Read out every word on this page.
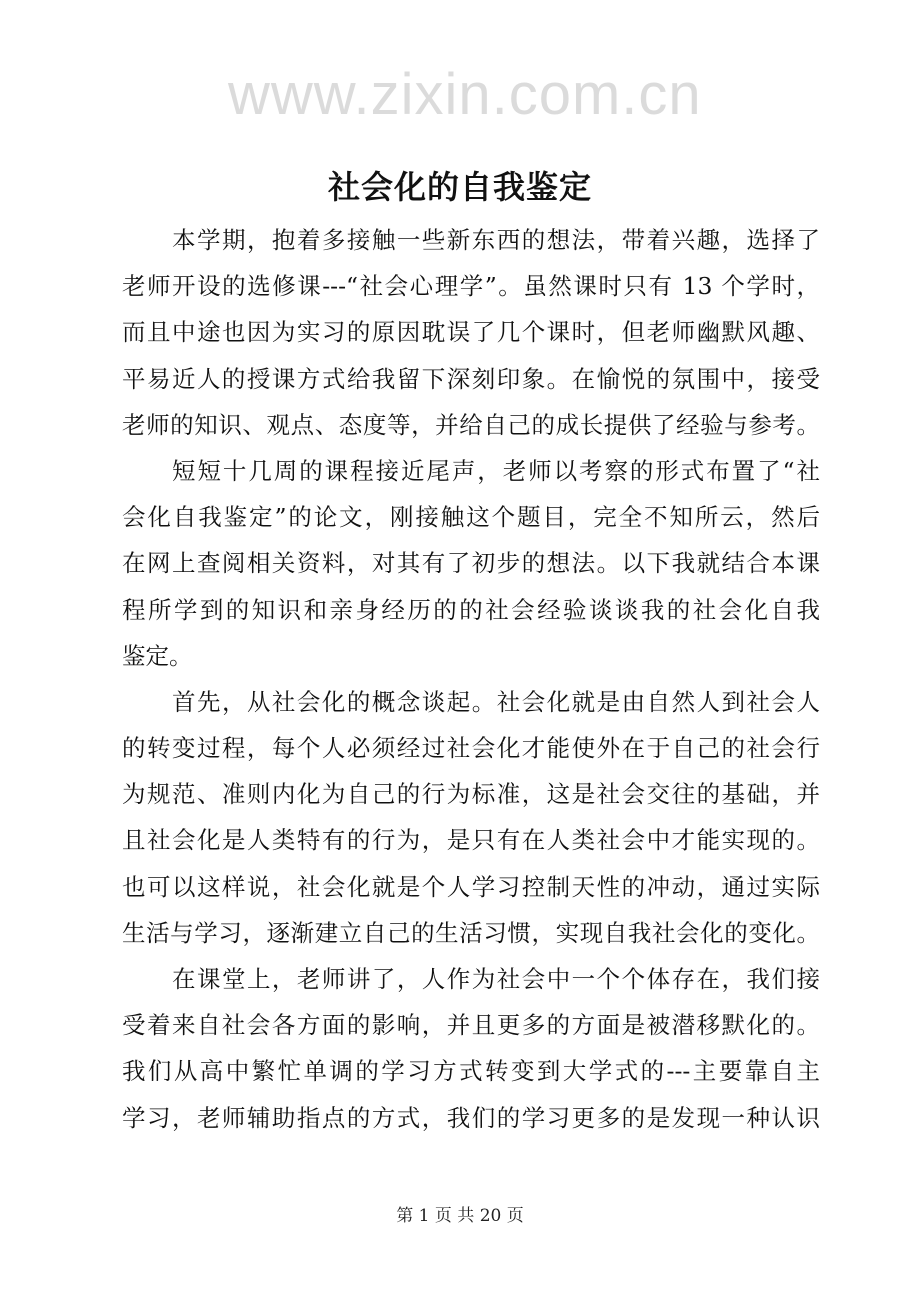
www.zixin.com.cn
社会化的自我鉴定
本学期，抱着多接触一些新东西的想法，带着兴趣，选择了
老师开设的选修课---“社会心理学”。虽然课时只有 13 个学时，
而且中途也因为实习的原因耽误了几个课时，但老师幽默风趣、
平易近人的授课方式给我留下深刻印象。在愉悦的氛围中，接受
老师的知识、观点、态度等，并给自己的成长提供了经验与参考。
短短十几周的课程接近尾声，老师以考察的形式布置了“社
会化自我鉴定”的论文，刚接触这个题目，完全不知所云，然后
在网上查阅相关资料，对其有了初步的想法。以下我就结合本课
程所学到的知识和亲身经历的的社会经验谈谈我的社会化自我
鉴定。
首先，从社会化的概念谈起。社会化就是由自然人到社会人
的转变过程，每个人必须经过社会化才能使外在于自己的社会行
为规范、准则内化为自己的行为标准，这是社会交往的基础，并
且社会化是人类特有的行为，是只有在人类社会中才能实现的。
也可以这样说，社会化就是个人学习控制天性的冲动，通过实际
生活与学习，逐渐建立自己的生活习惯，实现自我社会化的变化。
在课堂上，老师讲了，人作为社会中一个个体存在，我们接
受着来自社会各方面的影响，并且更多的方面是被潜移默化的。
我们从高中繁忙单调的学习方式转变到大学式的---主要靠自主
学习，老师辅助指点的方式，我们的学习更多的是发现一种认识
第 1 页 共 20 页
